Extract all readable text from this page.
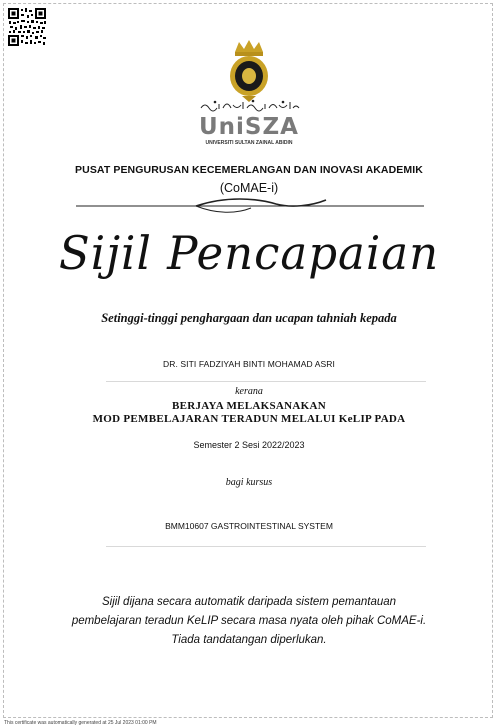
UniSZA
UNIVERSITI SULTAN ZAINAL ABIDIN
PUSAT PENGURUSAN KECEMERLANGAN DAN INOVASI AKADEMIK
(CoMAE-i)
Sijil Pencapaian
Setinggi-tinggi penghargaan dan ucapan tahniah kepada
DR. SITI FADZIYAH BINTI MOHAMAD ASRI
kerana
BERJAYA MELAKSANAKAN
MOD PEMBELAJARAN TERADUN MELALUI KeLIP PADA
Semester 2 Sesi 2022/2023
bagi kursus
BMM10607 GASTROINTESTINAL SYSTEM
Sijil dijana secara automatik daripada sistem pemantauan
pembelajaran teradun KeLIP secara masa nyata oleh pihak CoMAE-i.
Tiada tandatangan diperlukan.
This certificate was automatically generated at 25 Jul 2023 01:00 PM
